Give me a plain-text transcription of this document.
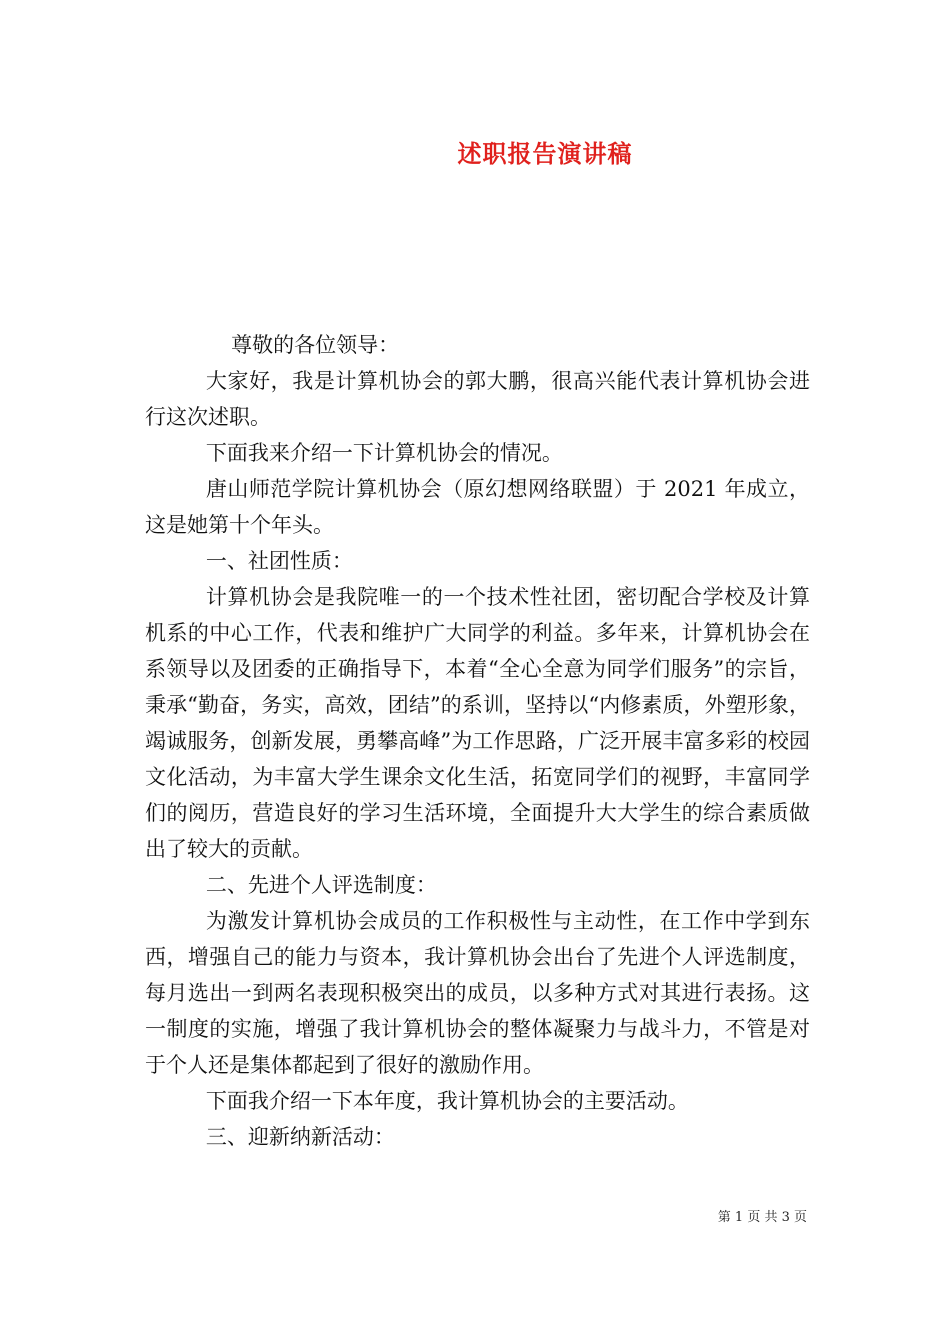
述职报告演讲稿

尊敬的各位领导：

大家好，我是计算机协会的郭大鹏，很高兴能代表计算机协会进行这次述职。

下面我来介绍一下计算机协会的情况。

唐山师范学院计算机协会（原幻想网络联盟）于 2021 年成立，这是她第十个年头。

一、社团性质：

计算机协会是我院唯一的一个技术性社团，密切配合学校及计算机系的中心工作，代表和维护广大同学的利益。多年来，计算机协会在系领导以及团委的正确指导下，本着“全心全意为同学们服务”的宗旨，秉承“勤奋，务实，高效，团结”的系训，坚持以“内修素质，外塑形象，竭诚服务，创新发展，勇攀高峰”为工作思路，广泛开展丰富多彩的校园文化活动，为丰富大学生课余文化生活，拓宽同学们的视野，丰富同学们的阅历，营造良好的学习生活环境，全面提升大大学生的综合素质做出了较大的贡献。

二、先进个人评选制度：

为激发计算机协会成员的工作积极性与主动性，在工作中学到东西，增强自己的能力与资本，我计算机协会出台了先进个人评选制度，每月选出一到两名表现积极突出的成员，以多种方式对其进行表扬。这一制度的实施，增强了我计算机协会的整体凝聚力与战斗力，不管是对于个人还是集体都起到了很好的激励作用。

下面我介绍一下本年度，我计算机协会的主要活动。

三、迎新纳新活动：

第 1 页 共 3 页
